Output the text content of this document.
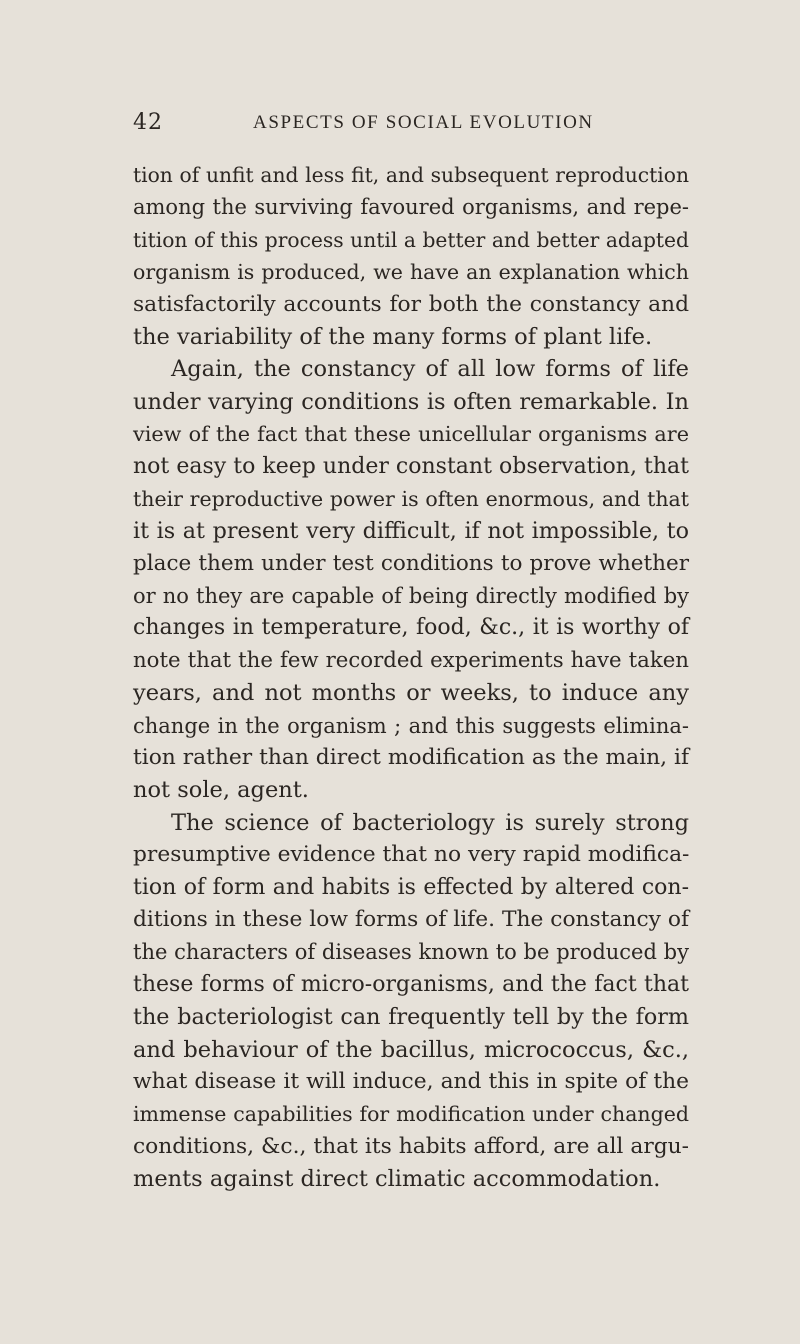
42	ASPECTS OF SOCIAL EVOLUTION
tion of unfit and less fit, and subsequent reproduction
among the surviving favoured organisms, and repe-
tition of this process until a better and better adapted
organism is produced, we have an explanation which
satisfactorily accounts for both the constancy and
the variability of the many forms of plant life.
Again, the constancy of all low forms of life
under varying conditions is often remarkable. In
view of the fact that these unicellular organisms are
not easy to keep under constant observation, that
their reproductive power is often enormous, and that
it is at present very difficult, if not impossible, to
place them under test conditions to prove whether
or no they are capable of being directly modified by
changes in temperature, food, &c., it is worthy of
note that the few recorded experiments have taken
years, and not months or weeks, to induce any
change in the organism ; and this suggests elimina-
tion rather than direct modification as the main, if
not sole, agent.
The science of bacteriology is surely strong
presumptive evidence that no very rapid modifica-
tion of form and habits is effected by altered con-
ditions in these low forms of life. The constancy of
the characters of diseases known to be produced by
these forms of micro-organisms, and the fact that
the bacteriologist can frequently tell by the form
and behaviour of the bacillus, micrococcus, &c.,
what disease it will induce, and this in spite of the
immense capabilities for modification under changed
conditions, &c., that its habits afford, are all argu-
ments against direct climatic accommodation.
